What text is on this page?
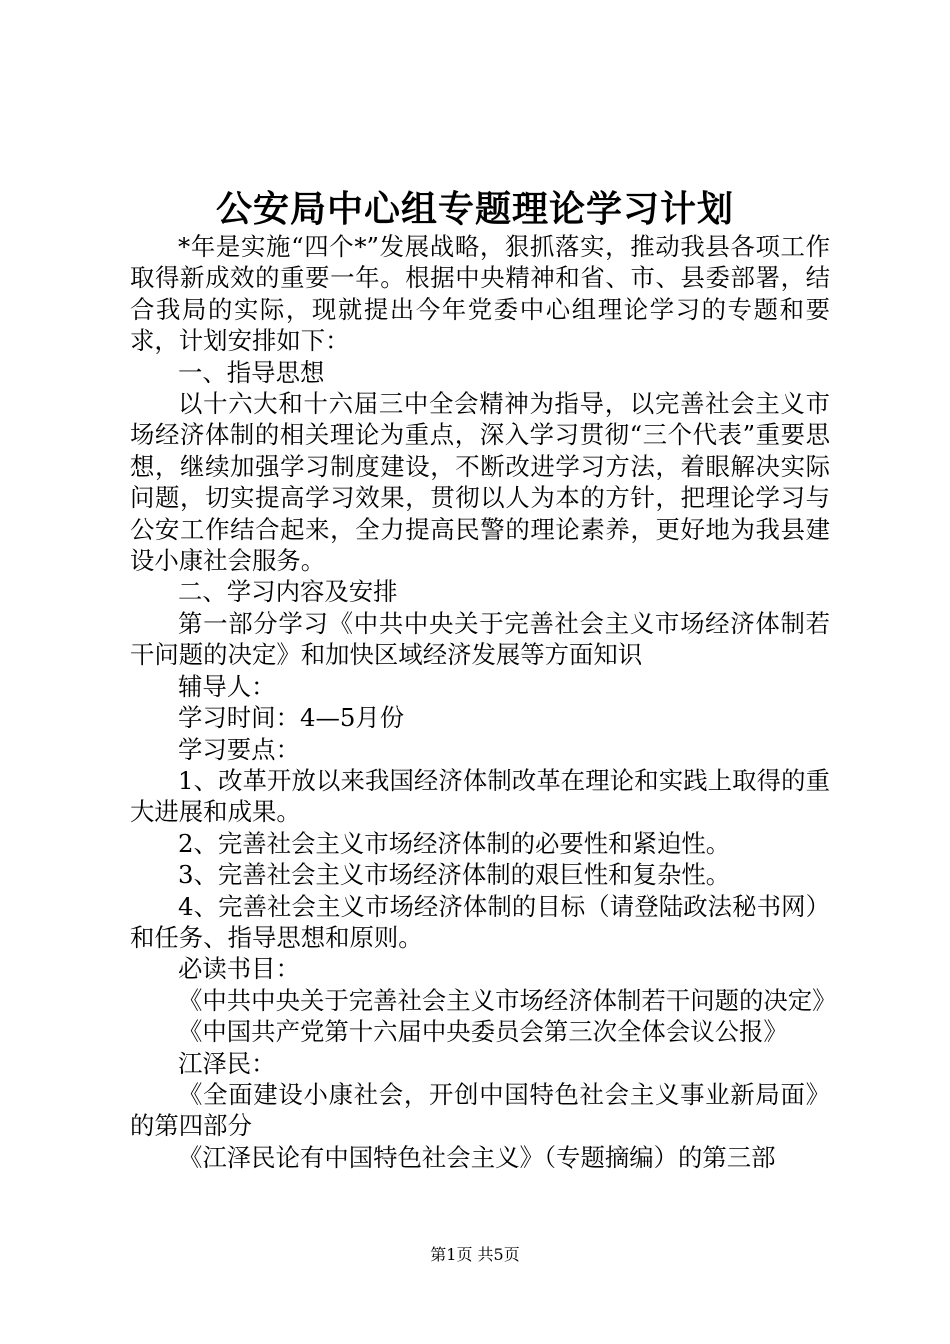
公安局中心组专题理论学习计划

*年是实施“四个*”发展战略，狠抓落实，推动我县各项工作取得新成效的重要一年。根据中央精神和省、市、县委部署，结合我局的实际，现就提出今年党委中心组理论学习的专题和要求，计划安排如下：

一、指导思想

以十六大和十六届三中全会精神为指导，以完善社会主义市场经济体制的相关理论为重点，深入学习贯彻“三个代表”重要思想，继续加强学习制度建设，不断改进学习方法，着眼解决实际问题，切实提高学习效果，贯彻以人为本的方针，把理论学习与公安工作结合起来，全力提高民警的理论素养，更好地为我县建设小康社会服务。

二、学习内容及安排

第一部分学习《中共中央关于完善社会主义市场经济体制若干问题的决定》和加快区域经济发展等方面知识

辅导人：

学习时间：4—5月份

学习要点：

1、改革开放以来我国经济体制改革在理论和实践上取得的重大进展和成果。

2、完善社会主义市场经济体制的必要性和紧迫性。

3、完善社会主义市场经济体制的艰巨性和复杂性。

4、完善社会主义市场经济体制的目标（请登陆政法秘书网）和任务、指导思想和原则。

必读书目：

《中共中央关于完善社会主义市场经济体制若干问题的决定》

《中国共产党第十六届中央委员会第三次全体会议公报》

江泽民：

《全面建设小康社会，开创中国特色社会主义事业新局面》的第四部分

《江泽民论有中国特色社会主义》（专题摘编）的第三部

第1页 共5页
